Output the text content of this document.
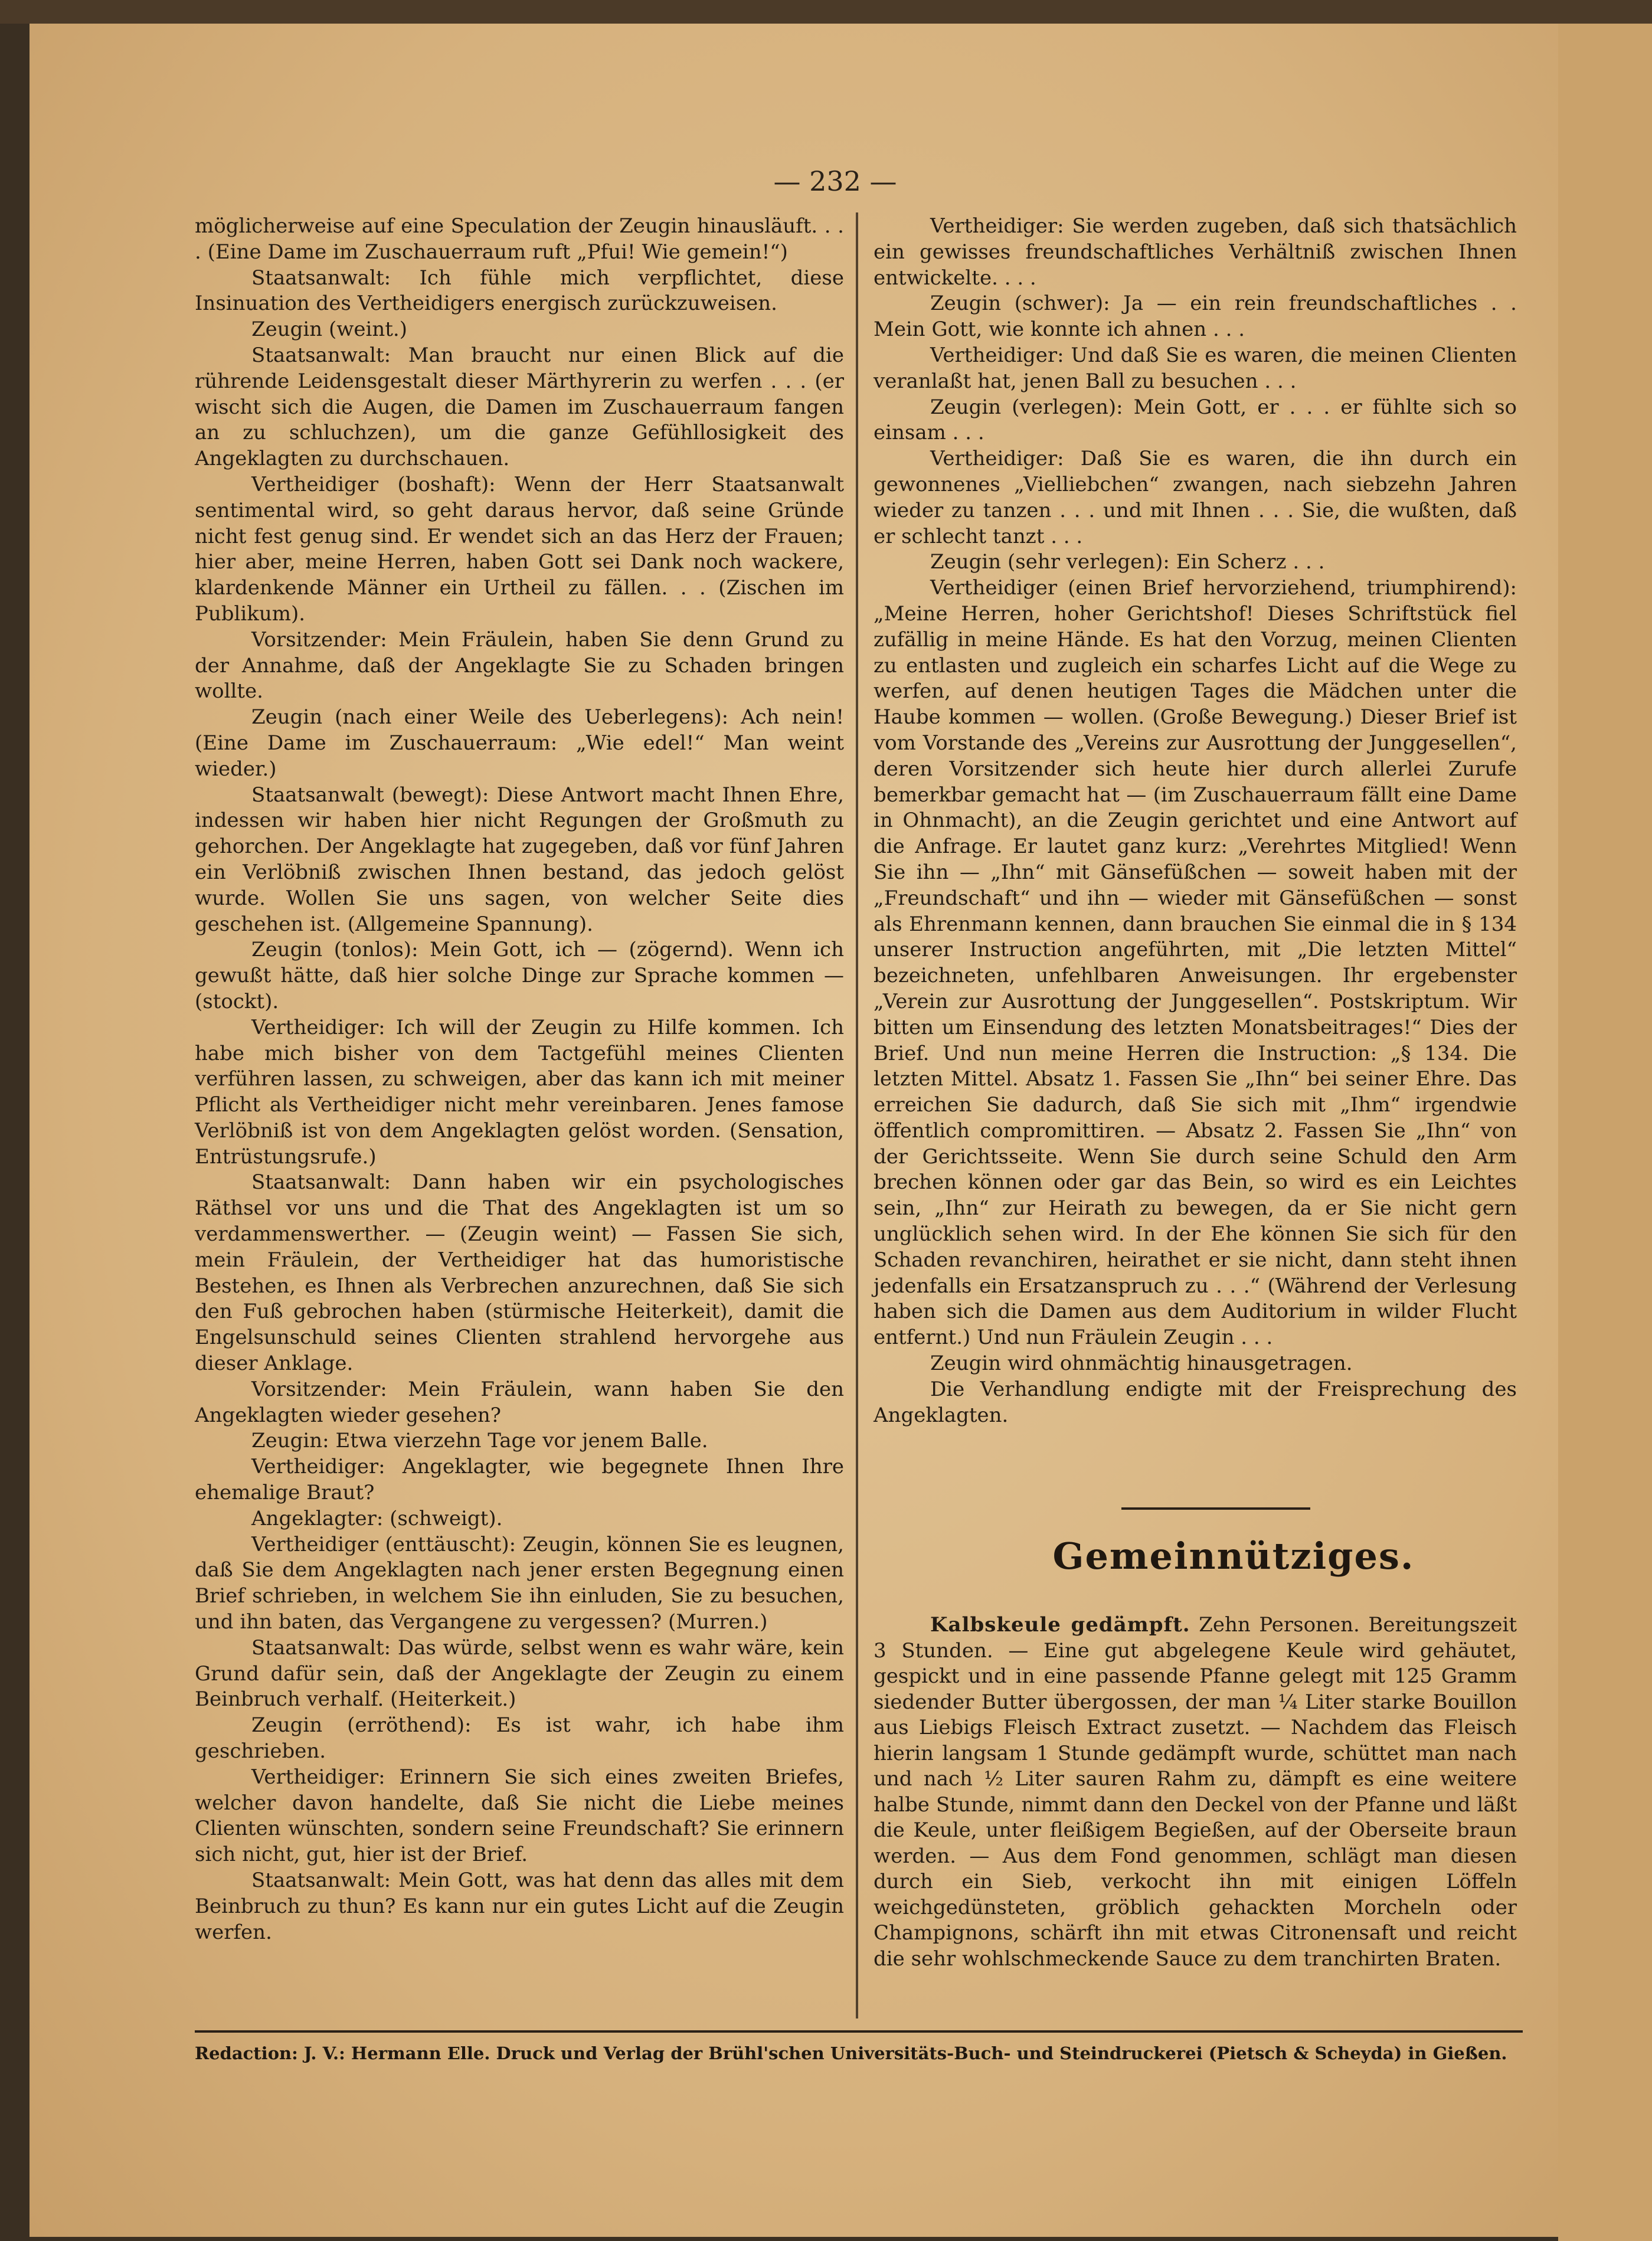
— 232 —

möglicherweise auf eine Speculation der Zeugin hinausläuft. . . . (Eine Dame im Zuschauerraum ruft „Pfui! Wie gemein!“)

Staatsanwalt: Ich fühle mich verpflichtet, diese Insinuation des Vertheidigers energisch zurückzuweisen.

Zeugin (weint.)

Staatsanwalt: Man braucht nur einen Blick auf die rührende Leidensgestalt dieser Märthyrerin zu werfen . . . (er wischt sich die Augen, die Damen im Zuschauerraum fangen an zu schluchzen), um die ganze Gefühllosigkeit des Angeklagten zu durchschauen.

Vertheidiger (boshaft): Wenn der Herr Staatsanwalt sentimental wird, so geht daraus hervor, daß seine Gründe nicht fest genug sind. Er wendet sich an das Herz der Frauen; hier aber, meine Herren, haben Gott sei Dank noch wackere, klardenkende Männer ein Urtheil zu fällen. . . (Zischen im Publikum).

Vorsitzender: Mein Fräulein, haben Sie denn Grund zu der Annahme, daß der Angeklagte Sie zu Schaden bringen wollte.

Zeugin (nach einer Weile des Ueberlegens): Ach nein! (Eine Dame im Zuschauerraum: „Wie edel!“ Man weint wieder.)

Staatsanwalt (bewegt): Diese Antwort macht Ihnen Ehre, indessen wir haben hier nicht Regungen der Großmuth zu gehorchen. Der Angeklagte hat zugegeben, daß vor fünf Jahren ein Verlöbniß zwischen Ihnen bestand, das jedoch gelöst wurde. Wollen Sie uns sagen, von welcher Seite dies geschehen ist. (Allgemeine Spannung).

Zeugin (tonlos): Mein Gott, ich — (zögernd). Wenn ich gewußt hätte, daß hier solche Dinge zur Sprache kommen — (stockt).

Vertheidiger: Ich will der Zeugin zu Hilfe kommen. Ich habe mich bisher von dem Tactgefühl meines Clienten verführen lassen, zu schweigen, aber das kann ich mit meiner Pflicht als Vertheidiger nicht mehr vereinbaren. Jenes famose Verlöbniß ist von dem Angeklagten gelöst worden. (Sensation, Entrüstungsrufe.)

Staatsanwalt: Dann haben wir ein psychologisches Räthsel vor uns und die That des Angeklagten ist um so verdammenswerther. — (Zeugin weint) — Fassen Sie sich, mein Fräulein, der Vertheidiger hat das humoristische Bestehen, es Ihnen als Verbrechen anzurechnen, daß Sie sich den Fuß gebrochen haben (stürmische Heiterkeit), damit die Engelsunschuld seines Clienten strahlend hervorgehe aus dieser Anklage.

Vorsitzender: Mein Fräulein, wann haben Sie den Angeklagten wieder gesehen?

Zeugin: Etwa vierzehn Tage vor jenem Balle.

Vertheidiger: Angeklagter, wie begegnete Ihnen Ihre ehemalige Braut?

Angeklagter: (schweigt).

Vertheidiger (enttäuscht): Zeugin, können Sie es leugnen, daß Sie dem Angeklagten nach jener ersten Begegnung einen Brief schrieben, in welchem Sie ihn einluden, Sie zu besuchen, und ihn baten, das Vergangene zu vergessen? (Murren.)

Staatsanwalt: Das würde, selbst wenn es wahr wäre, kein Grund dafür sein, daß der Angeklagte der Zeugin zu einem Beinbruch verhalf. (Heiterkeit.)

Zeugin (erröthend): Es ist wahr, ich habe ihm geschrieben.

Vertheidiger: Erinnern Sie sich eines zweiten Briefes, welcher davon handelte, daß Sie nicht die Liebe meines Clienten wünschten, sondern seine Freundschaft? Sie erinnern sich nicht, gut, hier ist der Brief.

Staatsanwalt: Mein Gott, was hat denn das alles mit dem Beinbruch zu thun? Es kann nur ein gutes Licht auf die Zeugin werfen.

Vertheidiger: Sie werden zugeben, daß sich thatsächlich ein gewisses freundschaftliches Verhältniß zwischen Ihnen entwickelte. . . .

Zeugin (schwer): Ja — ein rein freundschaftliches . . Mein Gott, wie konnte ich ahnen . . .

Vertheidiger: Und daß Sie es waren, die meinen Clienten veranlaßt hat, jenen Ball zu besuchen . . .

Zeugin (verlegen): Mein Gott, er . . . er fühlte sich so einsam . . .

Vertheidiger: Daß Sie es waren, die ihn durch ein gewonnenes „Vielliebchen“ zwangen, nach siebzehn Jahren wieder zu tanzen . . . und mit Ihnen . . . Sie, die wußten, daß er schlecht tanzt . . .

Zeugin (sehr verlegen): Ein Scherz . . .

Vertheidiger (einen Brief hervorziehend, triumphirend): „Meine Herren, hoher Gerichtshof! Dieses Schriftstück fiel zufällig in meine Hände. Es hat den Vorzug, meinen Clienten zu entlasten und zugleich ein scharfes Licht auf die Wege zu werfen, auf denen heutigen Tages die Mädchen unter die Haube kommen — wollen. (Große Bewegung.) Dieser Brief ist vom Vorstande des „Vereins zur Ausrottung der Junggesellen“, deren Vorsitzender sich heute hier durch allerlei Zurufe bemerkbar gemacht hat — (im Zuschauerraum fällt eine Dame in Ohnmacht), an die Zeugin gerichtet und eine Antwort auf die Anfrage. Er lautet ganz kurz: „Verehrtes Mitglied! Wenn Sie ihn — „Ihn“ mit Gänsefüßchen — soweit haben mit der „Freundschaft“ und ihn — wieder mit Gänsefüßchen — sonst als Ehrenmann kennen, dann brauchen Sie einmal die in § 134 unserer Instruction angeführten, mit „Die letzten Mittel“ bezeichneten, unfehlbaren Anweisungen. Ihr ergebenster „Verein zur Ausrottung der Junggesellen“. Postskriptum. Wir bitten um Einsendung des letzten Monatsbeitrages!“ Dies der Brief. Und nun meine Herren die Instruction: „§ 134. Die letzten Mittel. Absatz 1. Fassen Sie „Ihn“ bei seiner Ehre. Das erreichen Sie dadurch, daß Sie sich mit „Ihm“ irgendwie öffentlich compromittiren. — Absatz 2. Fassen Sie „Ihn“ von der Gerichtsseite. Wenn Sie durch seine Schuld den Arm brechen können oder gar das Bein, so wird es ein Leichtes sein, „Ihn“ zur Heirath zu bewegen, da er Sie nicht gern unglücklich sehen wird. In der Ehe können Sie sich für den Schaden revanchiren, heirathet er sie nicht, dann steht ihnen jedenfalls ein Ersatzanspruch zu . . .“ (Während der Verlesung haben sich die Damen aus dem Auditorium in wilder Flucht entfernt.) Und nun Fräulein Zeugin . . .

Zeugin wird ohnmächtig hinausgetragen.

Die Verhandlung endigte mit der Freisprechung des Angeklagten.

Gemeinnütziges.

Kalbskeule gedämpft. Zehn Personen. Bereitungszeit 3 Stunden. — Eine gut abgelegene Keule wird gehäutet, gespickt und in eine passende Pfanne gelegt mit 125 Gramm siedender Butter übergossen, der man ¼ Liter starke Bouillon aus Liebigs Fleisch Extract zusetzt. — Nachdem das Fleisch hierin langsam 1 Stunde gedämpft wurde, schüttet man nach und nach ½ Liter sauren Rahm zu, dämpft es eine weitere halbe Stunde, nimmt dann den Deckel von der Pfanne und läßt die Keule, unter fleißigem Begießen, auf der Oberseite braun werden. — Aus dem Fond genommen, schlägt man diesen durch ein Sieb, verkocht ihn mit einigen Löffeln weichgedünsteten, gröblich gehackten Morcheln oder Champignons, schärft ihn mit etwas Citronensaft und reicht die sehr wohlschmeckende Sauce zu dem tranchirten Braten.

Redaction: J. V.: Hermann Elle. Druck und Verlag der Brühl'schen Universitäts-Buch- und Steindruckerei (Pietsch & Scheyda) in Gießen.
